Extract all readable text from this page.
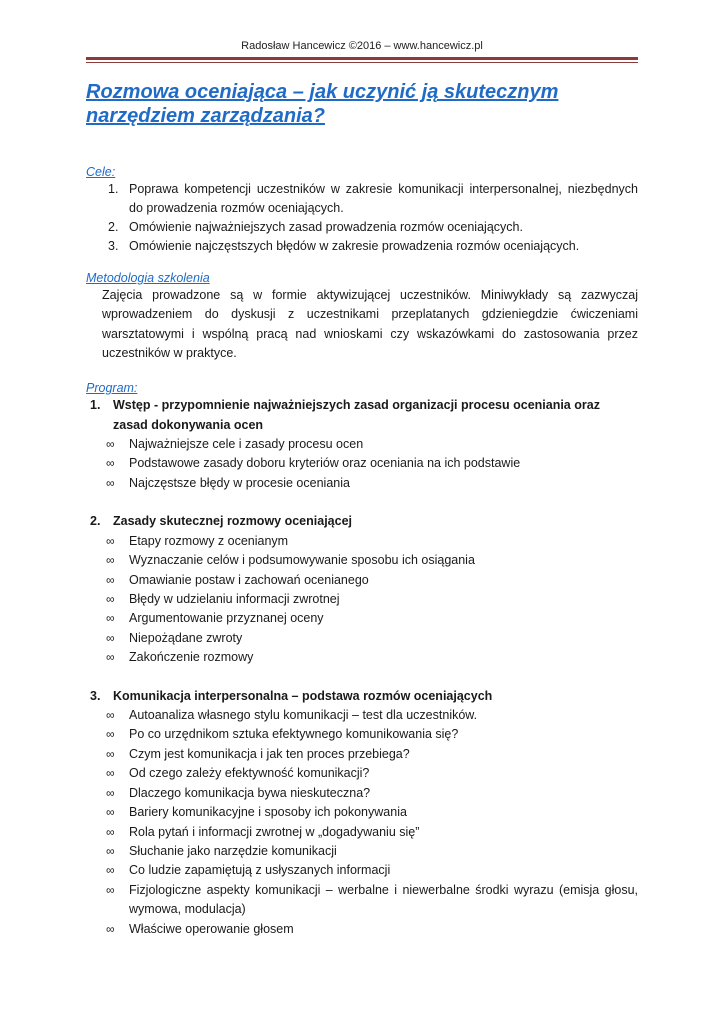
Radosław Hancewicz ©2016 – www.hancewicz.pl
Rozmowa oceniająca – jak uczynić ją skutecznym narzędziem zarządzania?
Cele:
1. Poprawa kompetencji uczestników w zakresie komunikacji interpersonalnej, niezbędnych do prowadzenia rozmów oceniających.
2. Omówienie najważniejszych zasad prowadzenia rozmów oceniających.
3. Omówienie najczęstszych błędów w zakresie prowadzenia rozmów oceniających.
Metodologia szkolenia
Zajęcia prowadzone są w formie aktywizującej uczestników. Miniwykłady są zazwyczaj wprowadzeniem do dyskusji z uczestnikami przeplatanych gdzieniegdzie ćwiczeniami warsztatowymi i wspólną pracą nad wnioskami czy wskazówkami do zastosowania przez uczestników w praktyce.
Program:
1. Wstęp - przypomnienie najważniejszych zasad organizacji procesu oceniania oraz zasad dokonywania ocen
∞ Najważniejsze cele i zasady procesu ocen
∞ Podstawowe zasady doboru kryteriów oraz oceniania na ich podstawie
∞ Najczęstsze błędy w procesie oceniania
2. Zasady skutecznej rozmowy oceniającej
∞ Etapy rozmowy z ocenianym
∞ Wyznaczanie celów i podsumowywanie sposobu ich osiągania
∞ Omawianie postaw i zachowań ocenianego
∞ Błędy w udzielaniu informacji zwrotnej
∞ Argumentowanie przyznanej oceny
∞ Niepożądane zwroty
∞ Zakończenie rozmowy
3. Komunikacja interpersonalna – podstawa rozmów oceniających
∞ Autoanaliza własnego stylu komunikacji – test dla uczestników.
∞ Po co urzędnikom sztuka efektywnego komunikowania się?
∞ Czym jest komunikacja i jak ten proces przebiega?
∞ Od czego zależy efektywność komunikacji?
∞ Dlaczego komunikacja bywa nieskuteczna?
∞ Bariery komunikacyjne i sposoby ich pokonywania
∞ Rola pytań i informacji zwrotnej w „dogadywaniu się”
∞ Słuchanie jako narzędzie komunikacji
∞ Co ludzie zapamiętują z usłyszanych informacji
∞ Fizjologiczne aspekty komunikacji – werbalne i niewerbalne środki wyrazu (emisja głosu, wymowa, modulacja)
∞ Właściwe operowanie głosem
